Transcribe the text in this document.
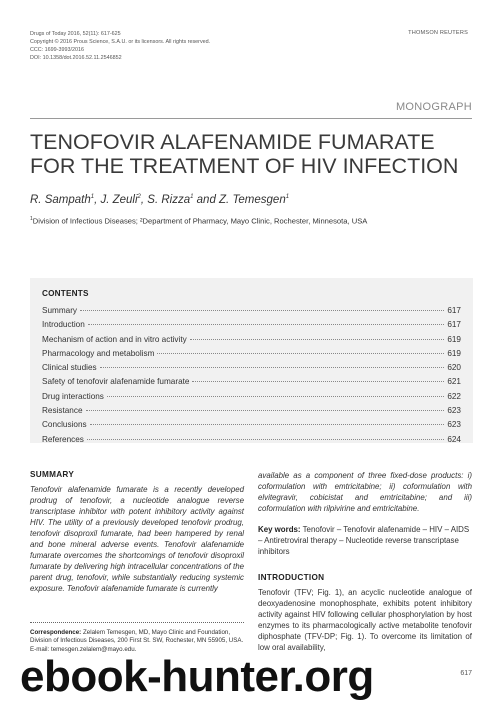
Drugs of Today 2016, 52(11): 617-625
Copyright © 2016 Prous Science, S.A.U. or its licensors. All rights reserved.
CCC: 1699-3993/2016
DOI: 10.1358/dot.2016.52.11.2546852
THOMSON REUTERS
MONOGRAPH
TENOFOVIR ALAFENAMIDE FUMARATE
FOR THE TREATMENT OF HIV INFECTION
R. Sampath$^1$, J. Zeuli$^2$, S. Rizza$^1$ and Z. Temesgen$^1$
$^1$Division of Infectious Diseases; ²Department of Pharmacy, Mayo Clinic, Rochester, Minnesota, USA
CONTENTS
Summary	617
Introduction	617
Mechanism of action and in vitro activity	619
Pharmacology and metabolism	619
Clinical studies	620
Safety of tenofovir alafenamide fumarate	621
Drug interactions	622
Resistance	623
Conclusions	623
References	624
SUMMARY
Tenofovir alafenamide fumarate is a recently developed prodrug of tenofovir, a nucleotide analogue reverse transcriptase inhibitor with potent inhibitory activity against HIV. The utility of a previously developed tenofovir prodrug, tenofovir disoproxil fumarate, had been hampered by renal and bone mineral adverse events. Tenofovir alafenamide fumarate overcomes the shortcomings of tenofovir disoproxil fumarate by delivering high intracellular concentrations of the parent drug, tenofovir, while substantially reducing systemic exposure. Tenofovir alafenamide fumarate is currently
Correspondence: Zelalem Temesgen, MD, Mayo Clinic and Foundation, Division of Infectious Diseases, 200 First St. SW, Rochester, MN 55905, USA. E-mail: temesgen.zelalem@mayo.edu.
available as a component of three fixed-dose products: i) coformulation with emtricitabine; ii) coformulation with elvitegravir, cobicistat and emtricitabine; and iii) coformulation with rilpivirine and emtricitabine.
Key words: Tenofovir – Tenofovir alafenamide – HIV – AIDS – Antiretroviral therapy – Nucleotide reverse transcriptase inhibitors
INTRODUCTION
Tenofovir (TFV; Fig. 1), an acyclic nucleotide analogue of deoxyadenosine monophosphate, exhibits potent inhibitory activity against HIV following cellular phosphorylation by host enzymes to its pharmacologically active metabolite tenofovir diphosphate (TFV-DP; Fig. 1). To overcome its limitation of low oral availability,
ebook-hunter.org	617
